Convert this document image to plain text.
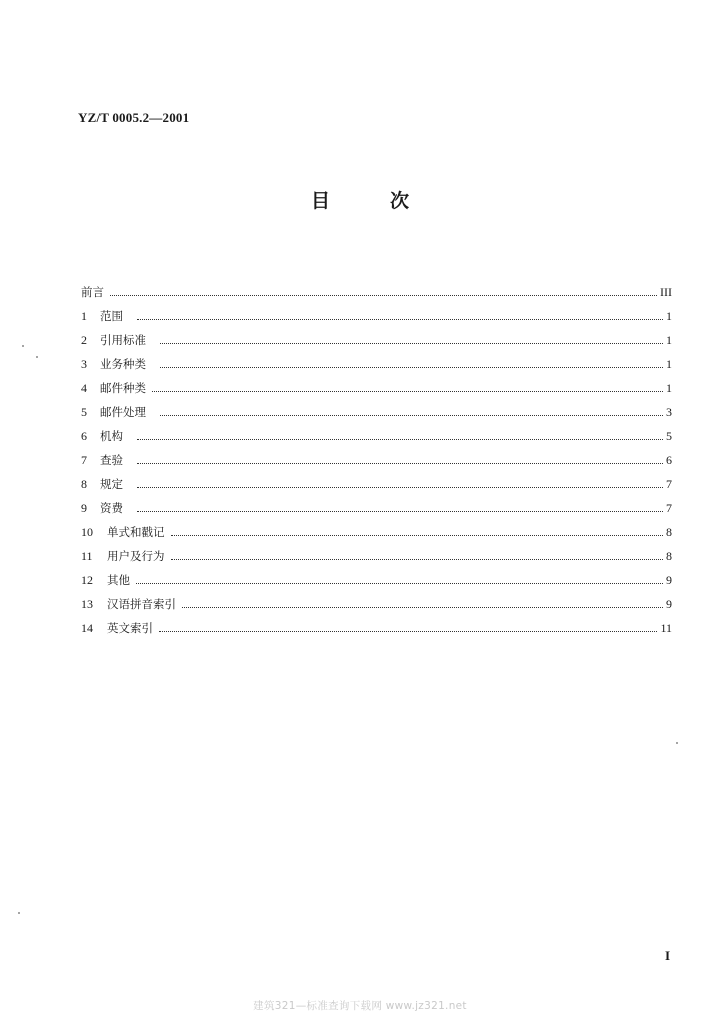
YZ/T 0005.2—2001
目	次
前言	III
1	范围	1
2	引用标准	1
3	业务种类	1
4	邮件种类	1
5	邮件处理	3
6	机构	5
7	查验	6
8	规定	7
9	资费	7
10	单式和戳记	8
11	用户及行为	8
12	其他	9
13	汉语拼音索引	9
14	英文索引	11
I
建筑321—标准查询下载网 www.jz321.net
